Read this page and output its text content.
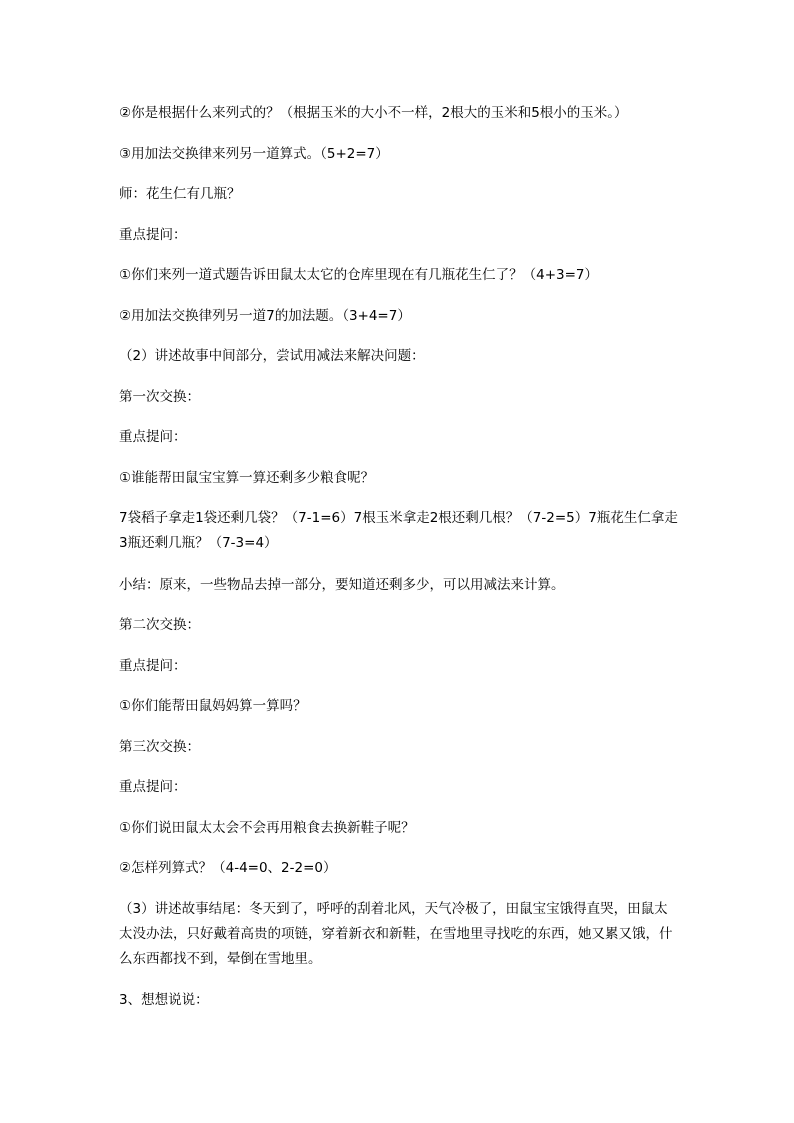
②你是根据什么来列式的？（根据玉米的大小不一样，2根大的玉米和5根小的玉米。）

③用加法交换律来列另一道算式。（5+2=7）

师：花生仁有几瓶？

重点提问：

①你们来列一道式题告诉田鼠太太它的仓库里现在有几瓶花生仁了？（4+3=7）

②用加法交换律列另一道7的加法题。（3+4=7）

（2）讲述故事中间部分，尝试用减法来解决问题：

第一次交换：

重点提问：

①谁能帮田鼠宝宝算一算还剩多少粮食呢？

7袋稻子拿走1袋还剩几袋？（7-1=6）7根玉米拿走2根还剩几根？（7-2=5）7瓶花生仁拿走3瓶还剩几瓶？（7-3=4）

小结：原来，一些物品去掉一部分，要知道还剩多少，可以用减法来计算。

第二次交换：

重点提问：

①你们能帮田鼠妈妈算一算吗？

第三次交换：

重点提问：

①你们说田鼠太太会不会再用粮食去换新鞋子呢？

②怎样列算式？（4-4=0、2-2=0）

（3）讲述故事结尾：冬天到了，呼呼的刮着北风，天气冷极了，田鼠宝宝饿得直哭，田鼠太太没办法，只好戴着高贵的项链，穿着新衣和新鞋，在雪地里寻找吃的东西，她又累又饿，什么东西都找不到，晕倒在雪地里。

3、想想说说：
